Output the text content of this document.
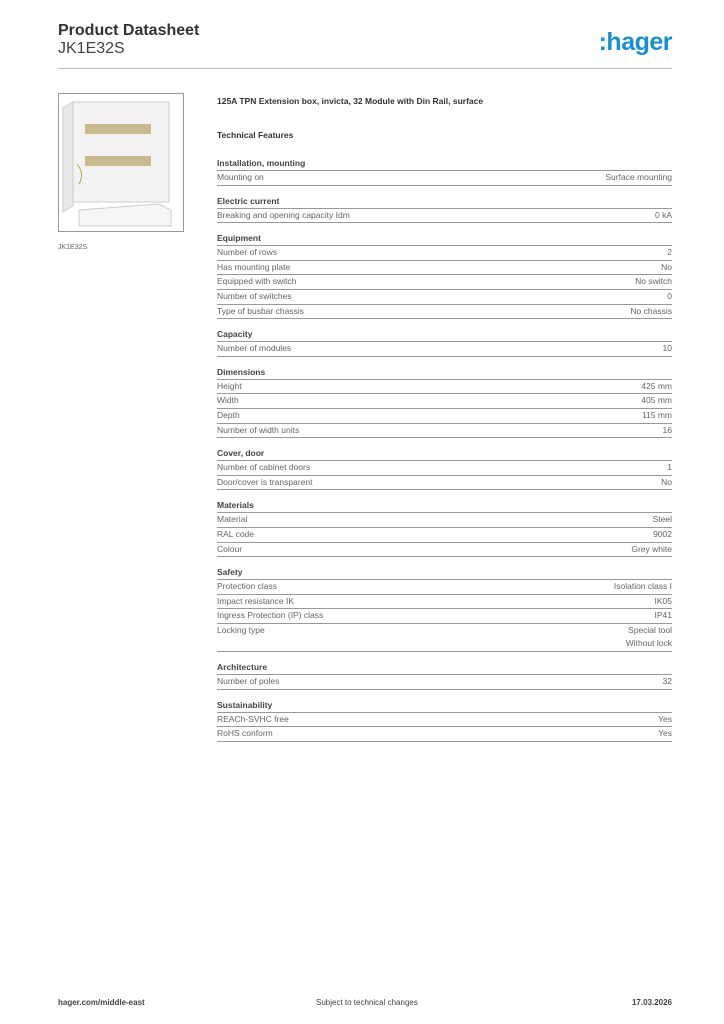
Product Datasheet
JK1E32S	:hager
JK1E32S
125A TPN Extension box, invicta, 32 Module with Din Rail, surface
Technical Features
Installation, mounting
Mounting on	Surface mounting
Electric current
Breaking and opening capacity Idm	0 kA
Equipment
Number of rows	2
Has mounting plate	No
Equipped with switch	No switch
Number of switches	0
Type of busbar chassis	No chassis
Capacity
Number of modules	10
Dimensions
Height	425 mm
Width	405 mm
Depth	115 mm
Number of width units	16
Cover, door
Number of cabinet doors	1
Door/cover is transparent	No
Materials
Material	Steel
RAL code	9002
Colour	Grey white
Safety
Protection class	Isolation class I
Impact resistance IK	IK05
Ingress Protection (IP) class	IP41
Locking type	Special tool
Without lock
Architecture
Number of poles	32
Sustainability
REACh-SVHC free	Yes
RoHS conform	Yes
hager.com/middle-east	Subject to technical changes	17.03.2026
